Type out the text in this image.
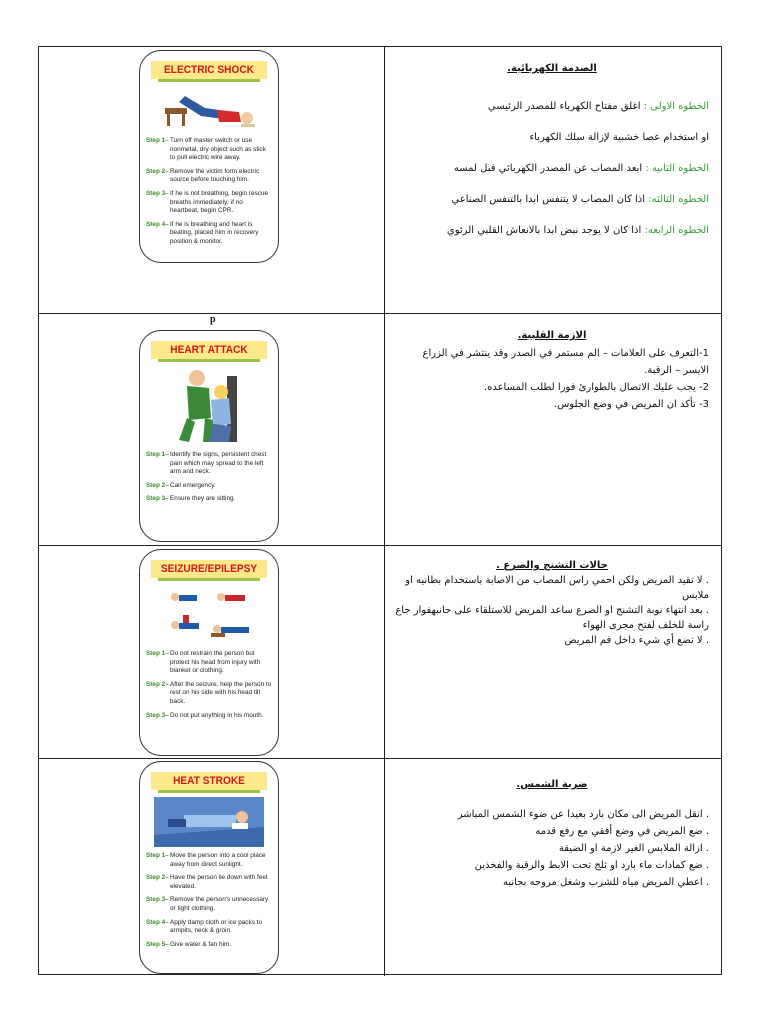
1
ELECTRIC SHOCK
Step 1– Turn off master switch or use nonmetal, dry object such as stick to pull electric wire away.
Step 2– Remove the victim form electric source before touching him.
Step 3– If he is not breathing, begin rescue breaths immediately; if no heartbeat, begin CPR.
Step 4– If he is breathing and heart is beating, placed him in recovery position & monitor.
الصدمة الكهربائية.

الخطوه الاولى : اغلق مفتاح الكهرباء للمصدر الرئيسي

او استخدام عصا خشبية لإزالة سلك الكهرباء

الخطوه الثانيه : ابعد المصاب عن المصدر الكهربائي قبل لمسه

الخطوه الثالثه: اذا كان المصاب لا يتنفس ابدا بالتنفس الصناعي

الخطوه الرابعه: اذا كان لا يوجد نبض ابدا بالانعاش القلبي الرئوي

5
HEART ATTACK
Step 1– Identify the signs, persistent chest pain which may spread to the left arm and neck.
Step 2– Call emergency.
Step 3– Ensure they are sitting.
الازمة القلبية.

1-التعرف على العلامات – الم مستمر في الصدر وقد ينتشر في الزراع الايسر – الرقبة.

2- يجب عليك الاتصال بالطوارئ فورا لطلب المساعده.

3- تأكد ان المريض في وضع الجلوس.

6
SEIZURE/EPILEPSY
Step 1– Do not restrain the person but protect his head from injury with blanket or clothing.
Step 2– After the seizure, help the person to rest on his side with his head tilt back.
Step 3– Do not put anything in his mouth.
حالات التشنج والصرع .

. لا تقيد المريض ولكن احمي راس المصاب من الاصابة باستخدام بطانيه او ملابس

. بعد انتهاء نوبة التشنج او الصرع ساعد المريض للاستلقاء على جانبهفوار جاع راسة للخلف لفتح مجرى الهواء

. لا تضع أي شيء داخل فم المريض

3
HEAT STROKE
Step 1– Move the person into a cool place away from direct sunlight.
Step 2– Have the person lie down with feet elevated.
Step 3– Remove the person's unnecessary or tight clothing.
Step 4– Apply damp cloth or ice packs to armpits, neck & groin.
Step 5– Give water & fan him.
ضربة الشمس.

. انقل المريض الى مكان بارد بعيدا عن ضوء الشمس المباشر

. ضع المريض في وضع أفقي مع رفع قدمه

. ازالة الملابس الغير لازمة او الضيقة

. ضع كمادات ماء بارد او ثلج تحت الابط والرقبة والفخذين

. اعطي المريض مياه للشرب وشغل مروحه بجانبه

p
